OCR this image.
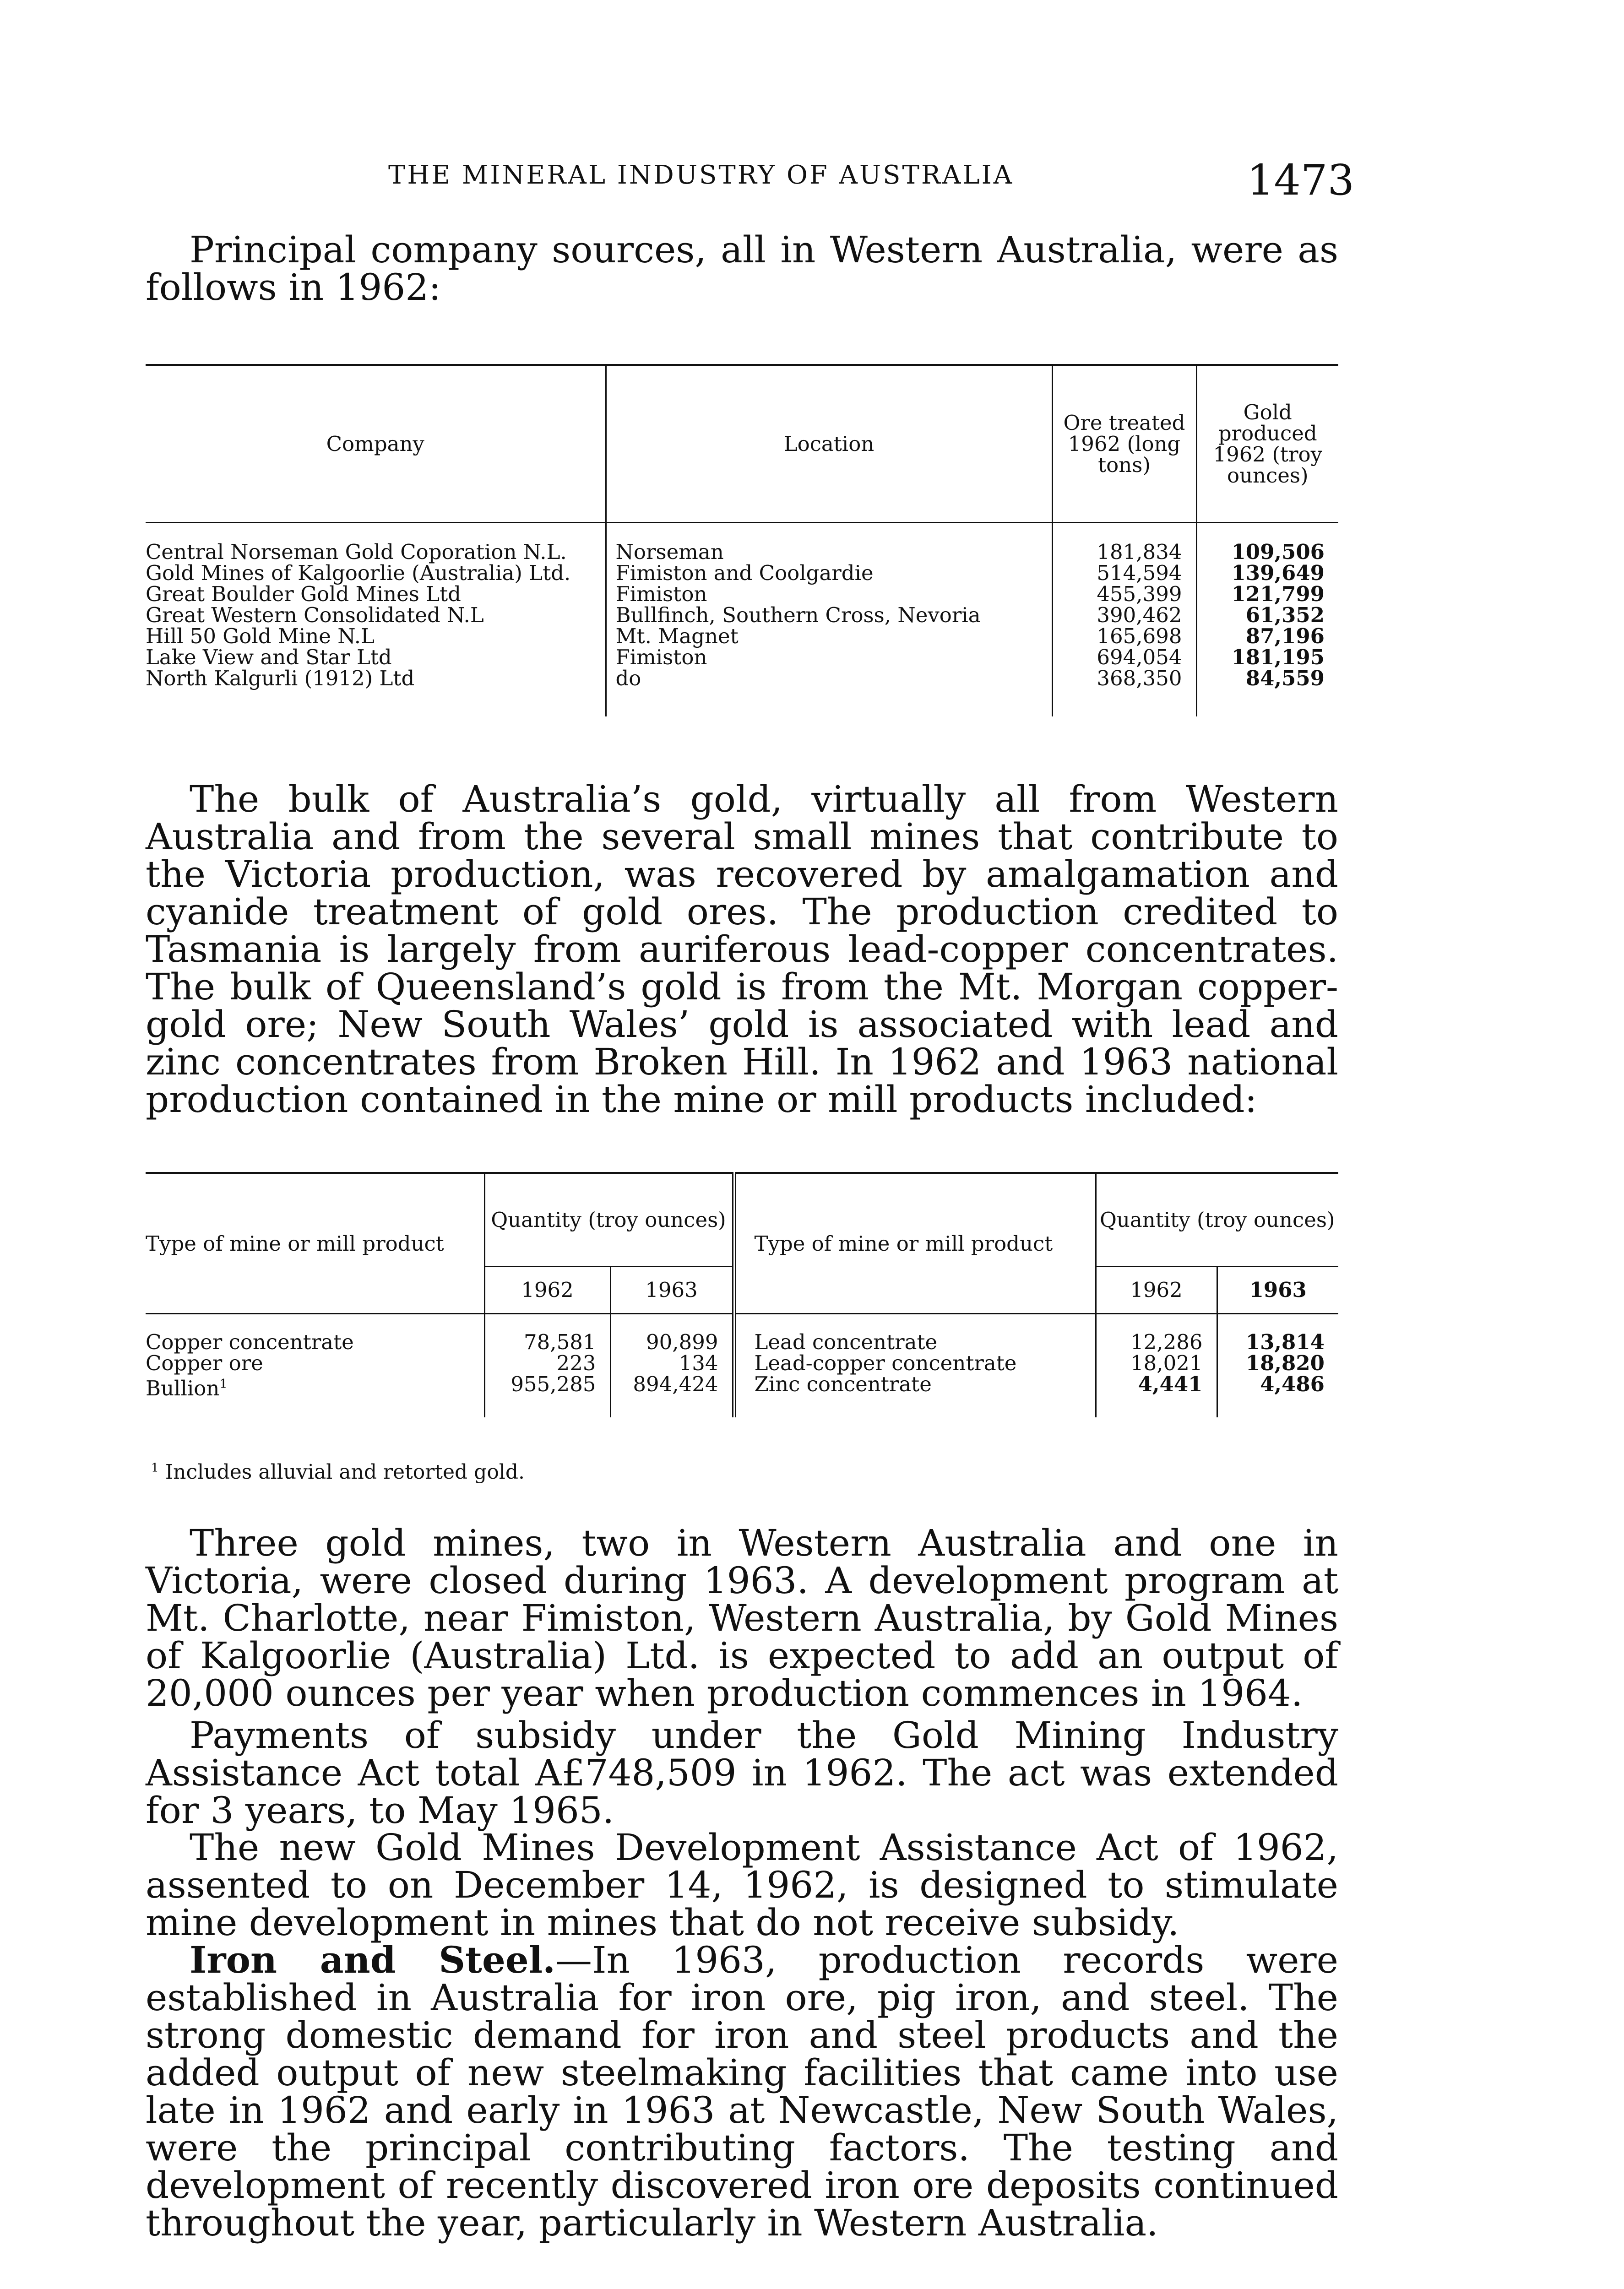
THE MINERAL INDUSTRY OF AUSTRALIA	1473

Principal company sources, all in Western Australia, were as follows in 1962:

Company	Location	Ore treated 1962 (long tons)	Gold produced 1962 (troy ounces)
Central Norseman Gold Coporation N.L.	Norseman	181,834	109,506
Gold Mines of Kalgoorlie (Australia) Ltd.	Fimiston and Coolgardie	514,594	139,649
Great Boulder Gold Mines Ltd	Fimiston	455,399	121,799
Great Western Consolidated N.L	Bullfinch, Southern Cross, Nevoria	390,462	61,352
Hill 50 Gold Mine N.L	Mt. Magnet	165,698	87,196
Lake View and Star Ltd	Fimiston	694,054	181,195
North Kalgurli (1912) Ltd	do	368,350	84,559

The bulk of Australia’s gold, virtually all from Western Australia and from the several small mines that contribute to the Victoria production, was recovered by amalgamation and cyanide treatment of gold ores. The production credited to Tasmania is largely from auriferous lead-copper concentrates. The bulk of Queensland’s gold is from the Mt. Morgan copper-gold ore; New South Wales’ gold is associated with lead and zinc concentrates from Broken Hill. In 1962 and 1963 national production contained in the mine or mill products included:

Type of mine or mill product	Quantity (troy ounces)		Type of mine or mill product	Quantity (troy ounces)	
	1962	1963		1962	1963
Copper concentrate	78,581	90,899	Lead concentrate	12,286	13,814
Copper ore	223	134	Lead-copper concentrate	18,021	18,820
Bullion$^1$	955,285	894,424	Zinc concentrate	4,441	4,486
$^1$ Includes alluvial and retorted gold.

Three gold mines, two in Western Australia and one in Victoria, were closed during 1963. A development program at Mt. Charlotte, near Fimiston, Western Australia, by Gold Mines of Kalgoorlie (Australia) Ltd. is expected to add an output of 20,000 ounces per year when production commences in 1964.

Payments of subsidy under the Gold Mining Industry Assistance Act total A£748,509 in 1962. The act was extended for 3 years, to May 1965.

The new Gold Mines Development Assistance Act of 1962, assented to on December 14, 1962, is designed to stimulate mine development in mines that do not receive subsidy.

Iron and Steel.—In 1963, production records were established in Australia for iron ore, pig iron, and steel. The strong domestic demand for iron and steel products and the added output of new steelmaking facilities that came into use late in 1962 and early in 1963 at Newcastle, New South Wales, were the principal contributing factors. The testing and development of recently discovered iron ore deposits continued throughout the year, particularly in Western Australia.
